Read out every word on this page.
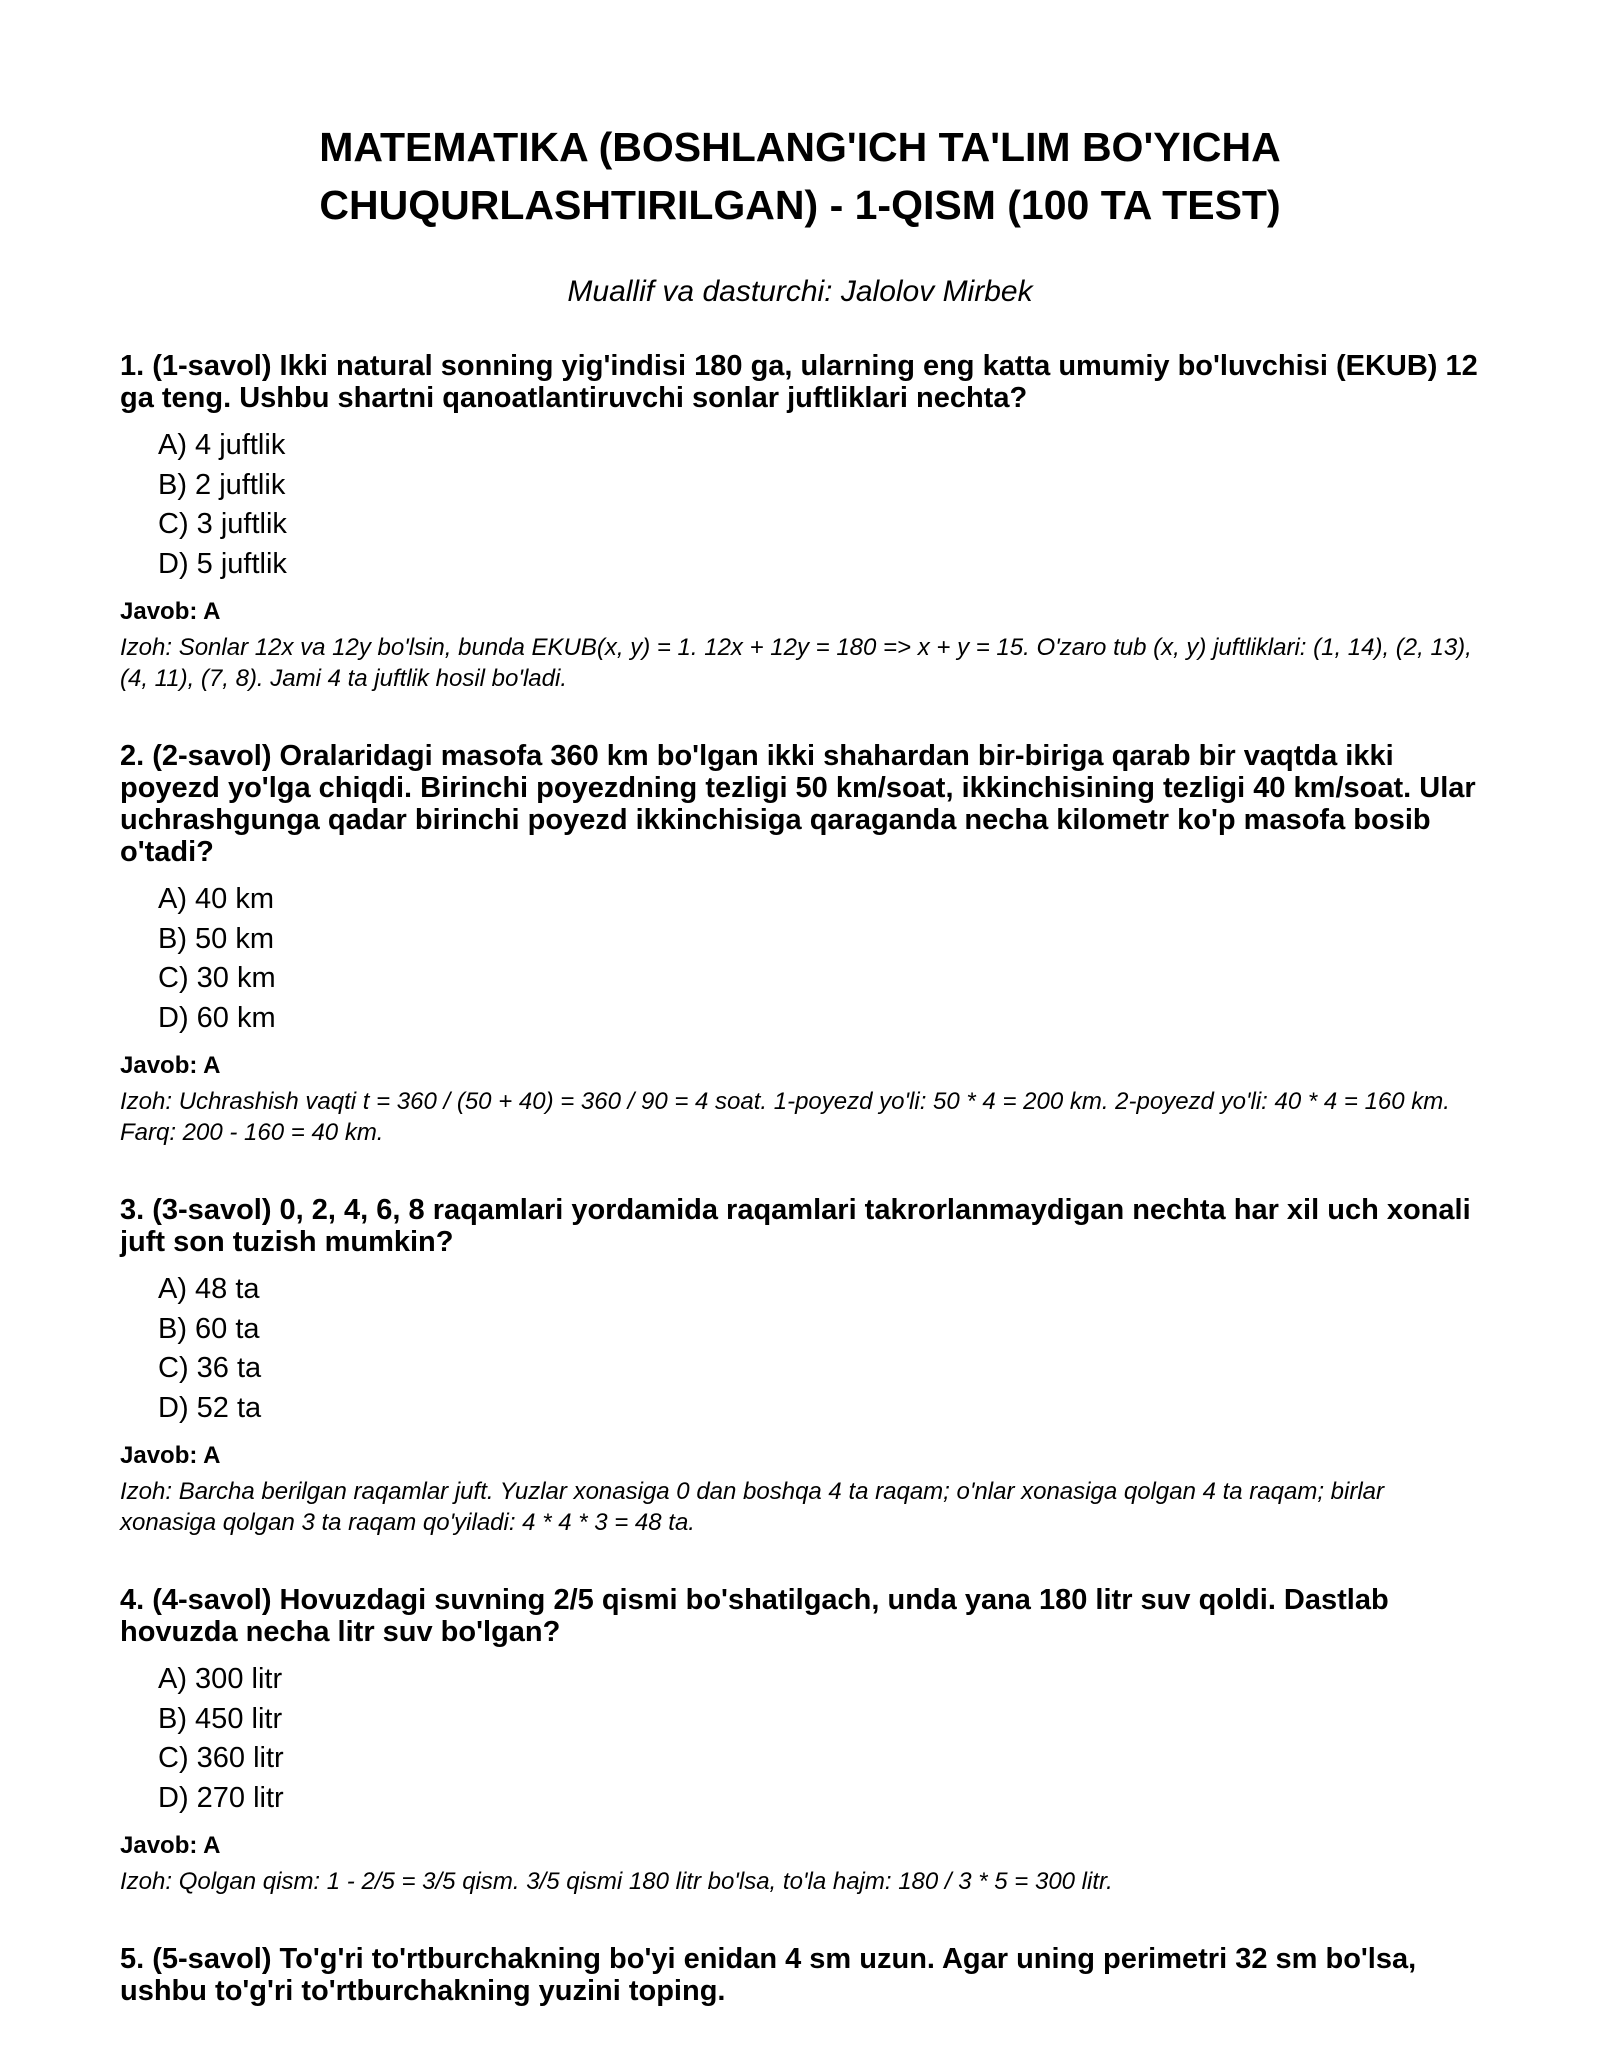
MATEMATIKA (BOSHLANG'ICH TA'LIM BO'YICHA CHUQURLASHTIRILGAN) - 1-QISM (100 TA TEST)
Muallif va dasturchi: Jalolov Mirbek

1. (1-savol) Ikki natural sonning yig'indisi 180 ga, ularning eng katta umumiy bo'luvchisi (EKUB) 12 ga teng. Ushbu shartni qanoatlantiruvchi sonlar juftliklari nechta?

A) 4 juftlik
B) 2 juftlik
C) 3 juftlik
D) 5 juftlik

Javob: A

Izoh: Sonlar 12x va 12y bo'lsin, bunda EKUB(x, y) = 1. 12x + 12y = 180 => x + y = 15. O'zaro tub (x, y) juftliklari: (1, 14), (2, 13), (4, 11), (7, 8). Jami 4 ta juftlik hosil bo'ladi.

2. (2-savol) Oralaridagi masofa 360 km bo'lgan ikki shahardan bir-biriga qarab bir vaqtda ikki poyezd yo'lga chiqdi. Birinchi poyezdning tezligi 50 km/soat, ikkinchisining tezligi 40 km/soat. Ular uchrashgunga qadar birinchi poyezd ikkinchisiga qaraganda necha kilometr ko'p masofa bosib o'tadi?

A) 40 km
B) 50 km
C) 30 km
D) 60 km

Javob: A

Izoh: Uchrashish vaqti t = 360 / (50 + 40) = 360 / 90 = 4 soat. 1-poyezd yo'li: 50 * 4 = 200 km. 2-poyezd yo'li: 40 * 4 = 160 km. Farq: 200 - 160 = 40 km.

3. (3-savol) 0, 2, 4, 6, 8 raqamlari yordamida raqamlari takrorlanmaydigan nechta har xil uch xonali juft son tuzish mumkin?

A) 48 ta
B) 60 ta
C) 36 ta
D) 52 ta

Javob: A

Izoh: Barcha berilgan raqamlar juft. Yuzlar xonasiga 0 dan boshqa 4 ta raqam; o'nlar xonasiga qolgan 4 ta raqam; birlar xonasiga qolgan 3 ta raqam qo'yiladi: 4 * 4 * 3 = 48 ta.

4. (4-savol) Hovuzdagi suvning 2/5 qismi bo'shatilgach, unda yana 180 litr suv qoldi. Dastlab hovuzda necha litr suv bo'lgan?

A) 300 litr
B) 450 litr
C) 360 litr
D) 270 litr

Javob: A

Izoh: Qolgan qism: 1 - 2/5 = 3/5 qism. 3/5 qismi 180 litr bo'lsa, to'la hajm: 180 / 3 * 5 = 300 litr.

5. (5-savol) To'g'ri to'rtburchakning bo'yi enidan 4 sm uzun. Agar uning perimetri 32 sm bo'lsa, ushbu to'g'ri to'rtburchakning yuzini toping.
